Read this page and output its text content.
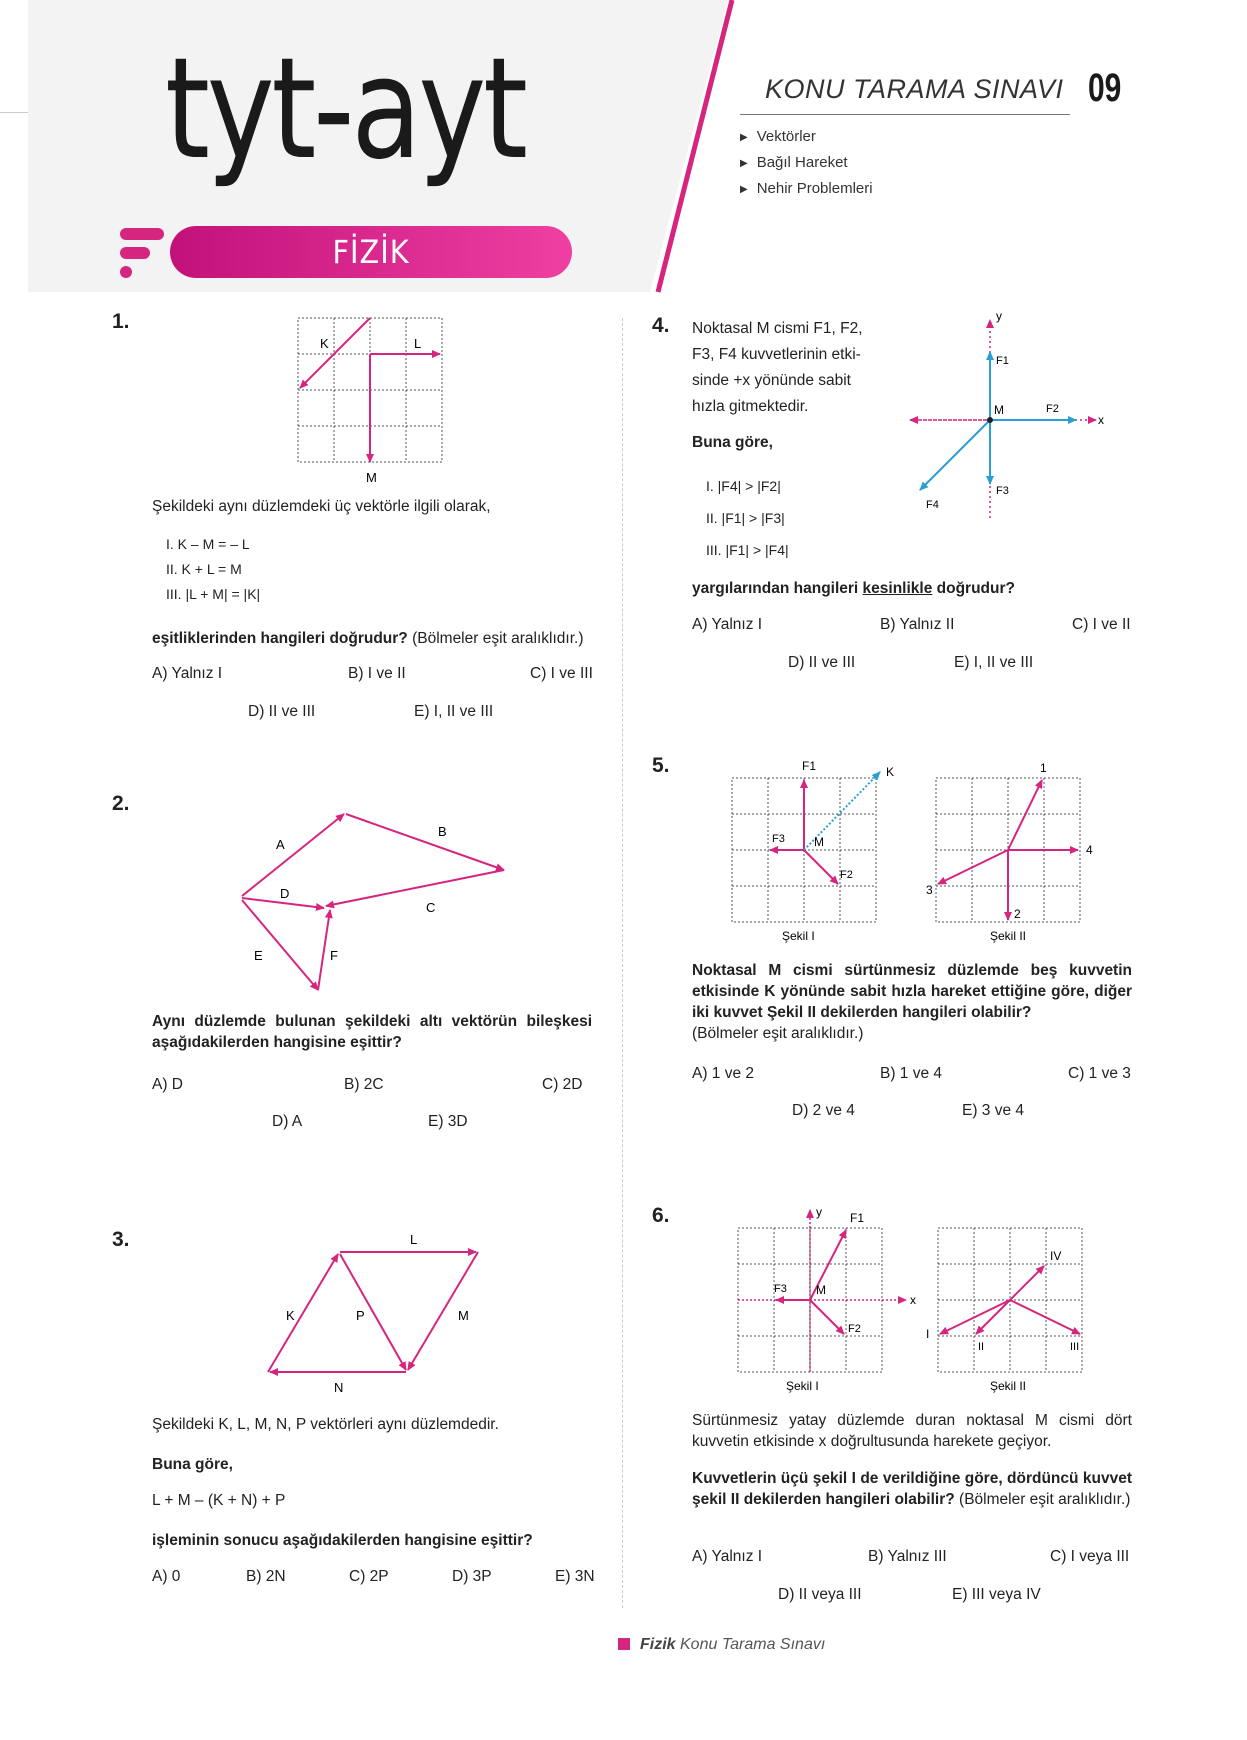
tyt-ayt
FİZİK
KONU TARAMA SINAVI 09
▶ Vektörler
▶ Bağıl Hareket
▶ Nehir Problemleri
1.
K	L
M
Şekildeki aynı düzlemdeki üç vektörle ilgili olarak,
I. K – M = – L
II. K + L = M
III. |L + M| = |K|
eşitliklerinden hangileri doğrudur? (Bölmeler eşit aralıklıdır.)
A) Yalnız I	B) I ve II	C) I ve III
D) II ve III	E) I, II ve III
2.
A
B
C
D
E	F
Aynı düzlemde bulunan şekildeki altı vektörün bileşkesi aşağıdakilerden hangisine eşittir?
A) D	B) 2C	C) 2D
D) A	E) 3D
3.	L
K	P	M
N
Şekildeki K, L, M, N, P vektörleri aynı düzlemdedir.
Buna göre,
L + M – (K + N) + P
işleminin sonucu aşağıdakilerden hangisine eşittir?
A) 0	B) 2N	C) 2P	D) 3P	E) 3N
4. Noktasal M cismi F1, F2,
F3, F4 kuvvetlerinin etki-
sinde +x yönünde sabit
hızla gitmektedir.
Buna göre,
I. |F4| > |F2|
II. |F1| > |F3|
III. |F1| > |F4|
y
x
M
F1
F2
F3
F4
yargılarından hangileri kesinlikle doğrudur?
A) Yalnız I	B) Yalnız II	C) I ve II
D) II ve III	E) I, II ve III
5.	F1	K
F3 M
F2
Şekil I
1
2
3
4
Şekil II
Noktasal M cismi sürtünmesiz düzlemde beş kuvvetin etkisinde K yönünde sabit hızla hareket ettiğine göre, diğer iki kuvvet Şekil II dekilerden hangileri olabilir?
(Bölmeler eşit aralıklıdır.)
A) 1 ve 2	B) 1 ve 4	C) 1 ve 3
D) 2 ve 4	E) 3 ve 4
6.	y F1
x
F3 M
F2
Şekil I
IV
I
II	III
Şekil II
Sürtünmesiz yatay düzlemde duran noktasal M cismi dört kuvvetin etkisinde x doğrultusunda harekete geçiyor.
Kuvvetlerin üçü şekil I de verildiğine göre, dördüncü kuvvet şekil II dekilerden hangileri olabilir? (Bölmeler eşit aralıklıdır.)
A) Yalnız I	B) Yalnız III	C) I veya III
D) II veya III	E) III veya IV
Fizik Konu Tarama Sınavı
